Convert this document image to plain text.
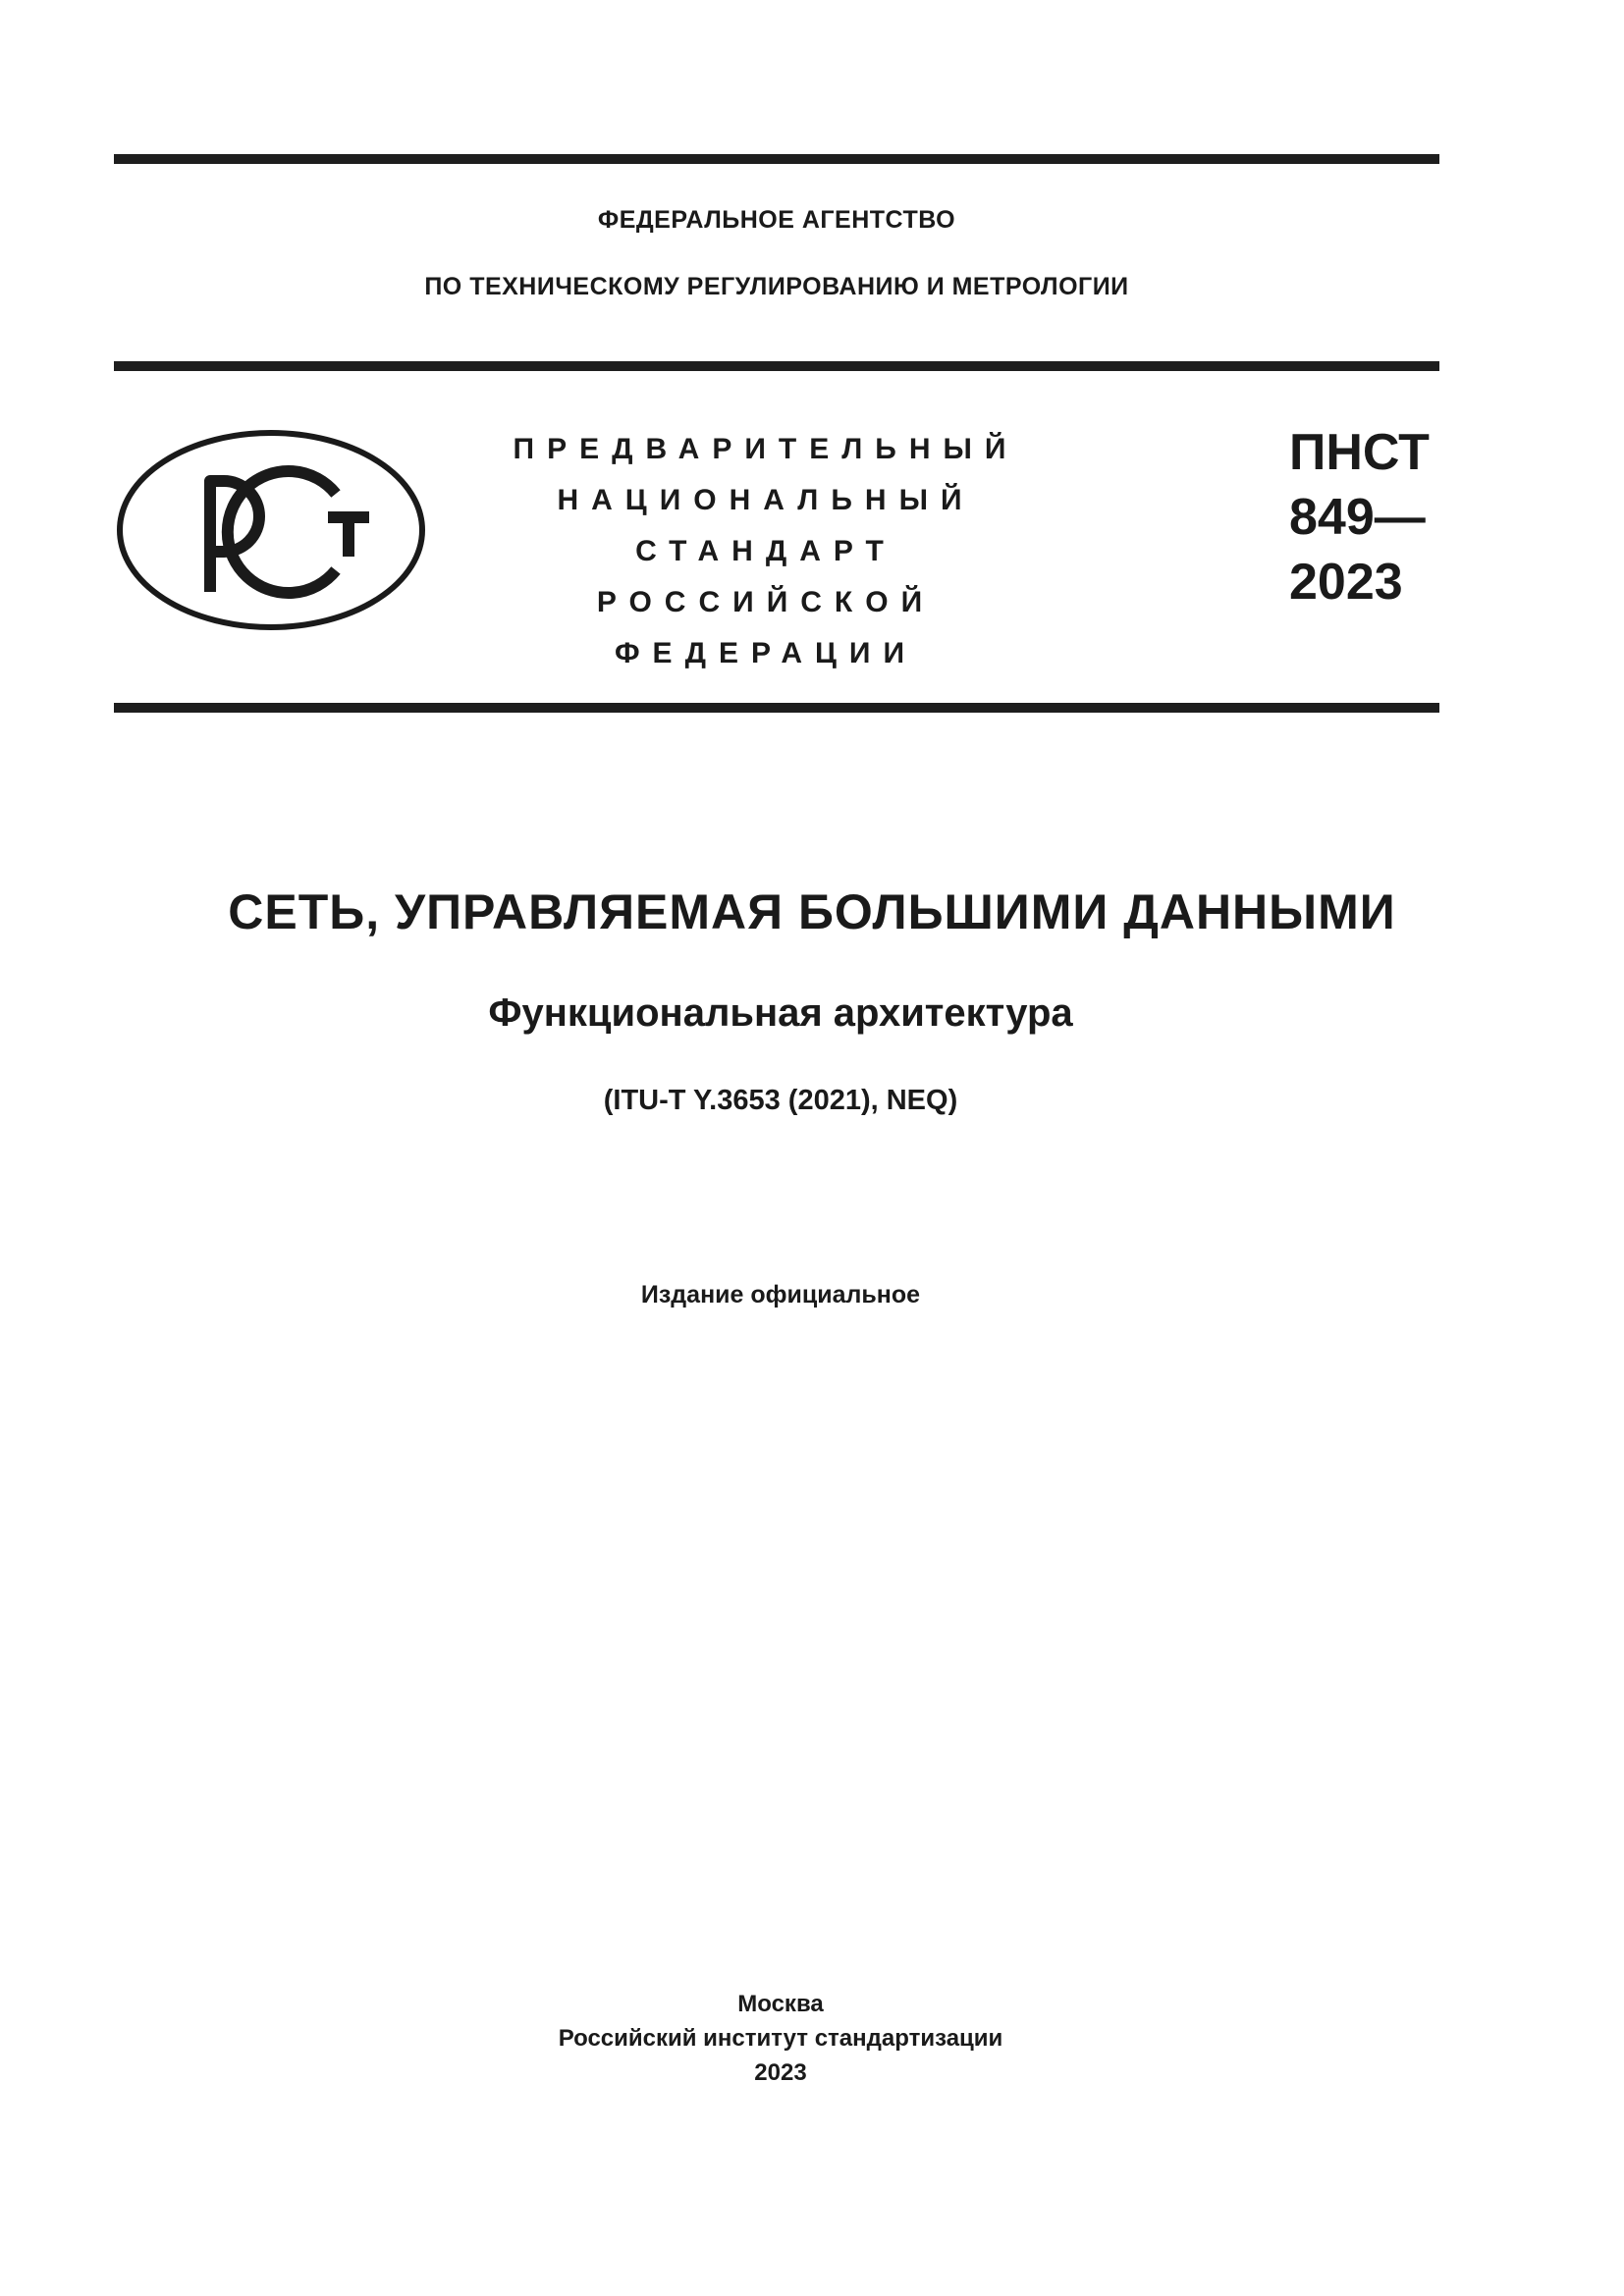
ФЕДЕРАЛЬНОЕ АГЕНТСТВО
ПО ТЕХНИЧЕСКОМУ РЕГУЛИРОВАНИЮ И МЕТРОЛОГИИ
ПРЕДВАРИТЕЛЬНЫЙ
НАЦИОНАЛЬНЫЙ
СТАНДАРТ
РОССИЙСКОЙ
ФЕДЕРАЦИИ
ПНСТ
849—
2023
СЕТЬ, УПРАВЛЯЕМАЯ БОЛЬШИМИ ДАННЫМИ
Функциональная архитектура
(ITU-T Y.3653 (2021), NEQ)
Издание официальное
Москва
Российский институт стандартизации
2023
